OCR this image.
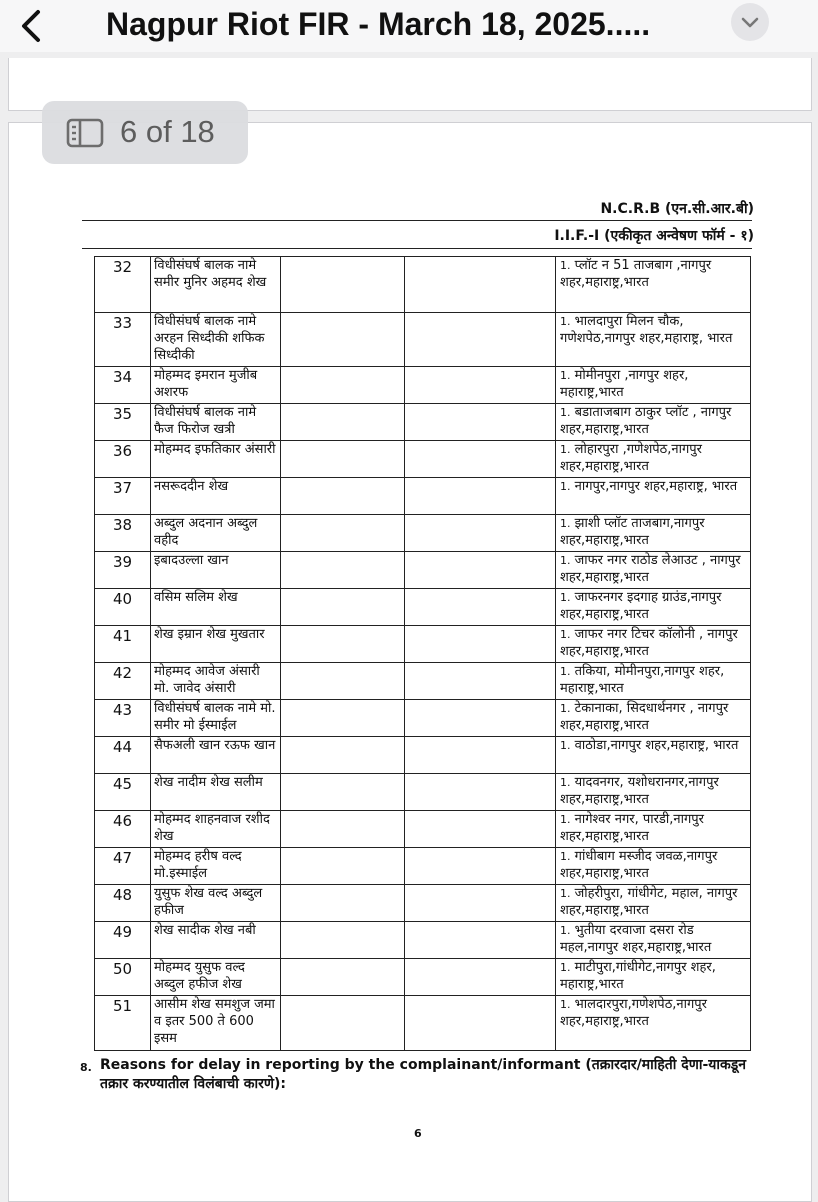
Nagpur Riot FIR - March 18, 2025.....
6 of 18
N.C.R.B (एन.सी.आर.बी)
I.I.F.-I (एकीकृत अन्वेषण फॉर्म - १)
32	विधीसंघर्ष बालक नामे समीर मुनिर अहमद शेख			1. प्लॉट न 51 ताजबाग ,नागपुर शहर,महाराष्ट्र,भारत
33	विधीसंघर्ष बालक नामे अरहन सिध्दीकी शफिक सिध्दीकी			1. भालदापुरा मिलन चौक, गणेशपेठ,नागपुर शहर,महाराष्ट्र, भारत
34	मोहम्मद इमरान मुजीब अशरफ			1. मोमीनपुरा ,नागपुर शहर, महाराष्ट्र,भारत
35	विधीसंघर्ष बालक नामे फैज फिरोज खत्री			1. बडाताजबाग ठाकुर प्लॉट , नागपुर शहर,महाराष्ट्र,भारत
36	मोहम्मद इफतिकार अंसारी			1. लोहारपुरा ,गणेशपेठ,नागपुर शहर,महाराष्ट्र,भारत
37	नसरूददीन शेख			1. नागपुर,नागपुर शहर,महाराष्ट्र, भारत
38	अब्दुल अदनान अब्दुल वहीद			1. झाशी प्लॉट ताजबाग,नागपुर शहर,महाराष्ट्र,भारत
39	इबादउल्ला खान			1. जाफर नगर राठोड लेआउट , नागपुर शहर,महाराष्ट्र,भारत
40	वसिम सलिम शेख			1. जाफरनगर इदगाह ग्राउंड,नागपुर शहर,महाराष्ट्र,भारत
41	शेख इम्रान शेख मुखतार			1. जाफर नगर टिचर कॉलोनी , नागपुर शहर,महाराष्ट्र,भारत
42	मोहम्मद आवेज अंसारी मो. जावेद अंसारी			1. तकिया, मोमीनपुरा,नागपुर शहर, महाराष्ट्र,भारत
43	विधीसंघर्ष बालक नामे मो. समीर मो ईस्माईल			1. टेकानाका, सिदधार्थनगर , नागपुर शहर,महाराष्ट्र,भारत
44	सैफअली खान रऊफ खान			1. वाठोडा,नागपुर शहर,महाराष्ट्र, भारत
45	शेख नादीम शेख सलीम			1. यादवनगर, यशोधरानगर,नागपुर शहर,महाराष्ट्र,भारत
46	मोहम्मद शाहनवाज रशीद शेख			1. नागेश्वर नगर, पारडी,नागपुर शहर,महाराष्ट्र,भारत
47	मोहम्मद हरीष वल्द मो.इस्माईल			1. गांधीबाग मस्जीद जवळ,नागपुर शहर,महाराष्ट्र,भारत
48	युसुफ शेख वल्द अब्दुल हफीज			1. जोहरीपुरा, गांधीगेट, महाल, नागपुर शहर,महाराष्ट्र,भारत
49	शेख सादीक शेख नबी			1. भुतीया दरवाजा दसरा रोड महल,नागपुर शहर,महाराष्ट्र,भारत
50	मोहम्मद युसुफ वल्द अब्दुल हफीज शेख			1. माटीपुरा,गांधीगेट,नागपुर शहर, महाराष्ट्र,भारत
51	आसीम शेख समशुज जमा व इतर 500 ते 600 इसम			1. भालदारपुरा,गणेशपेठ,नागपुर शहर,महाराष्ट्र,भारत
8. Reasons for delay in reporting by the complainant/informant (तक्रारदार/माहिती देणा-याकडून तक्रार करण्यातील विलंबाची कारणे):
6
